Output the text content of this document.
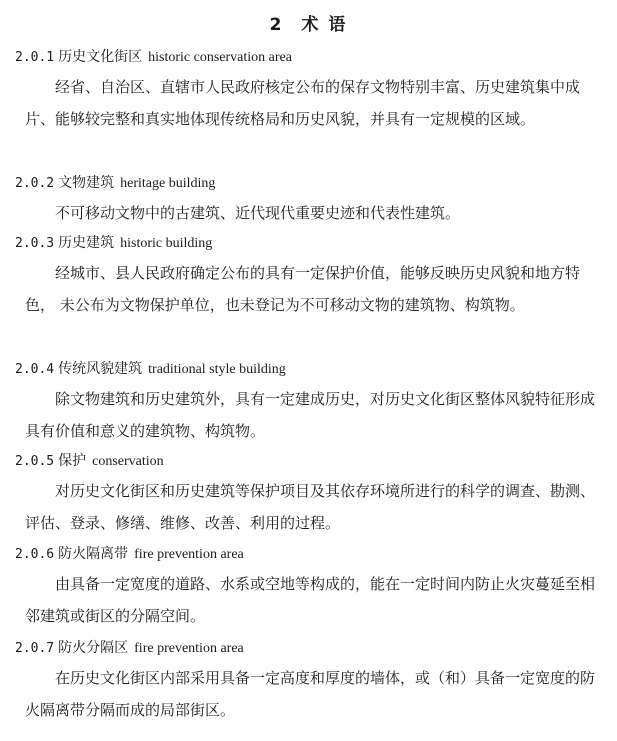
2 术 语
2.0.1 历史文化街区 historic conservation area
经省、自治区、直辖市人民政府核定公布的保存文物特别丰富、历史建筑集中成片、能够较完整和真实地体现传统格局和历史风貌，并具有一定规模的区域。
2.0.2 文物建筑 heritage building
不可移动文物中的古建筑、近代现代重要史迹和代表性建筑。
2.0.3 历史建筑 historic building
经城市、县人民政府确定公布的具有一定保护价值，能够反映历史风貌和地方特色， 未公布为文物保护单位，也未登记为不可移动文物的建筑物、构筑物。
2.0.4 传统风貌建筑 traditional style building
除文物建筑和历史建筑外，具有一定建成历史，对历史文化街区整体风貌特征形成具有价值和意义的建筑物、构筑物。
2.0.5 保护 conservation
对历史文化街区和历史建筑等保护项目及其依存环境所进行的科学的调查、勘测、评估、登录、修缮、维修、改善、利用的过程。
2.0.6 防火隔离带 fire prevention area
由具备一定宽度的道路、水系或空地等构成的，能在一定时间内防止火灾蔓延至相邻建筑或街区的分隔空间。
2.0.7 防火分隔区 fire prevention area
在历史文化街区内部采用具备一定高度和厚度的墙体，或（和）具备一定宽度的防火隔离带分隔而成的局部街区。
